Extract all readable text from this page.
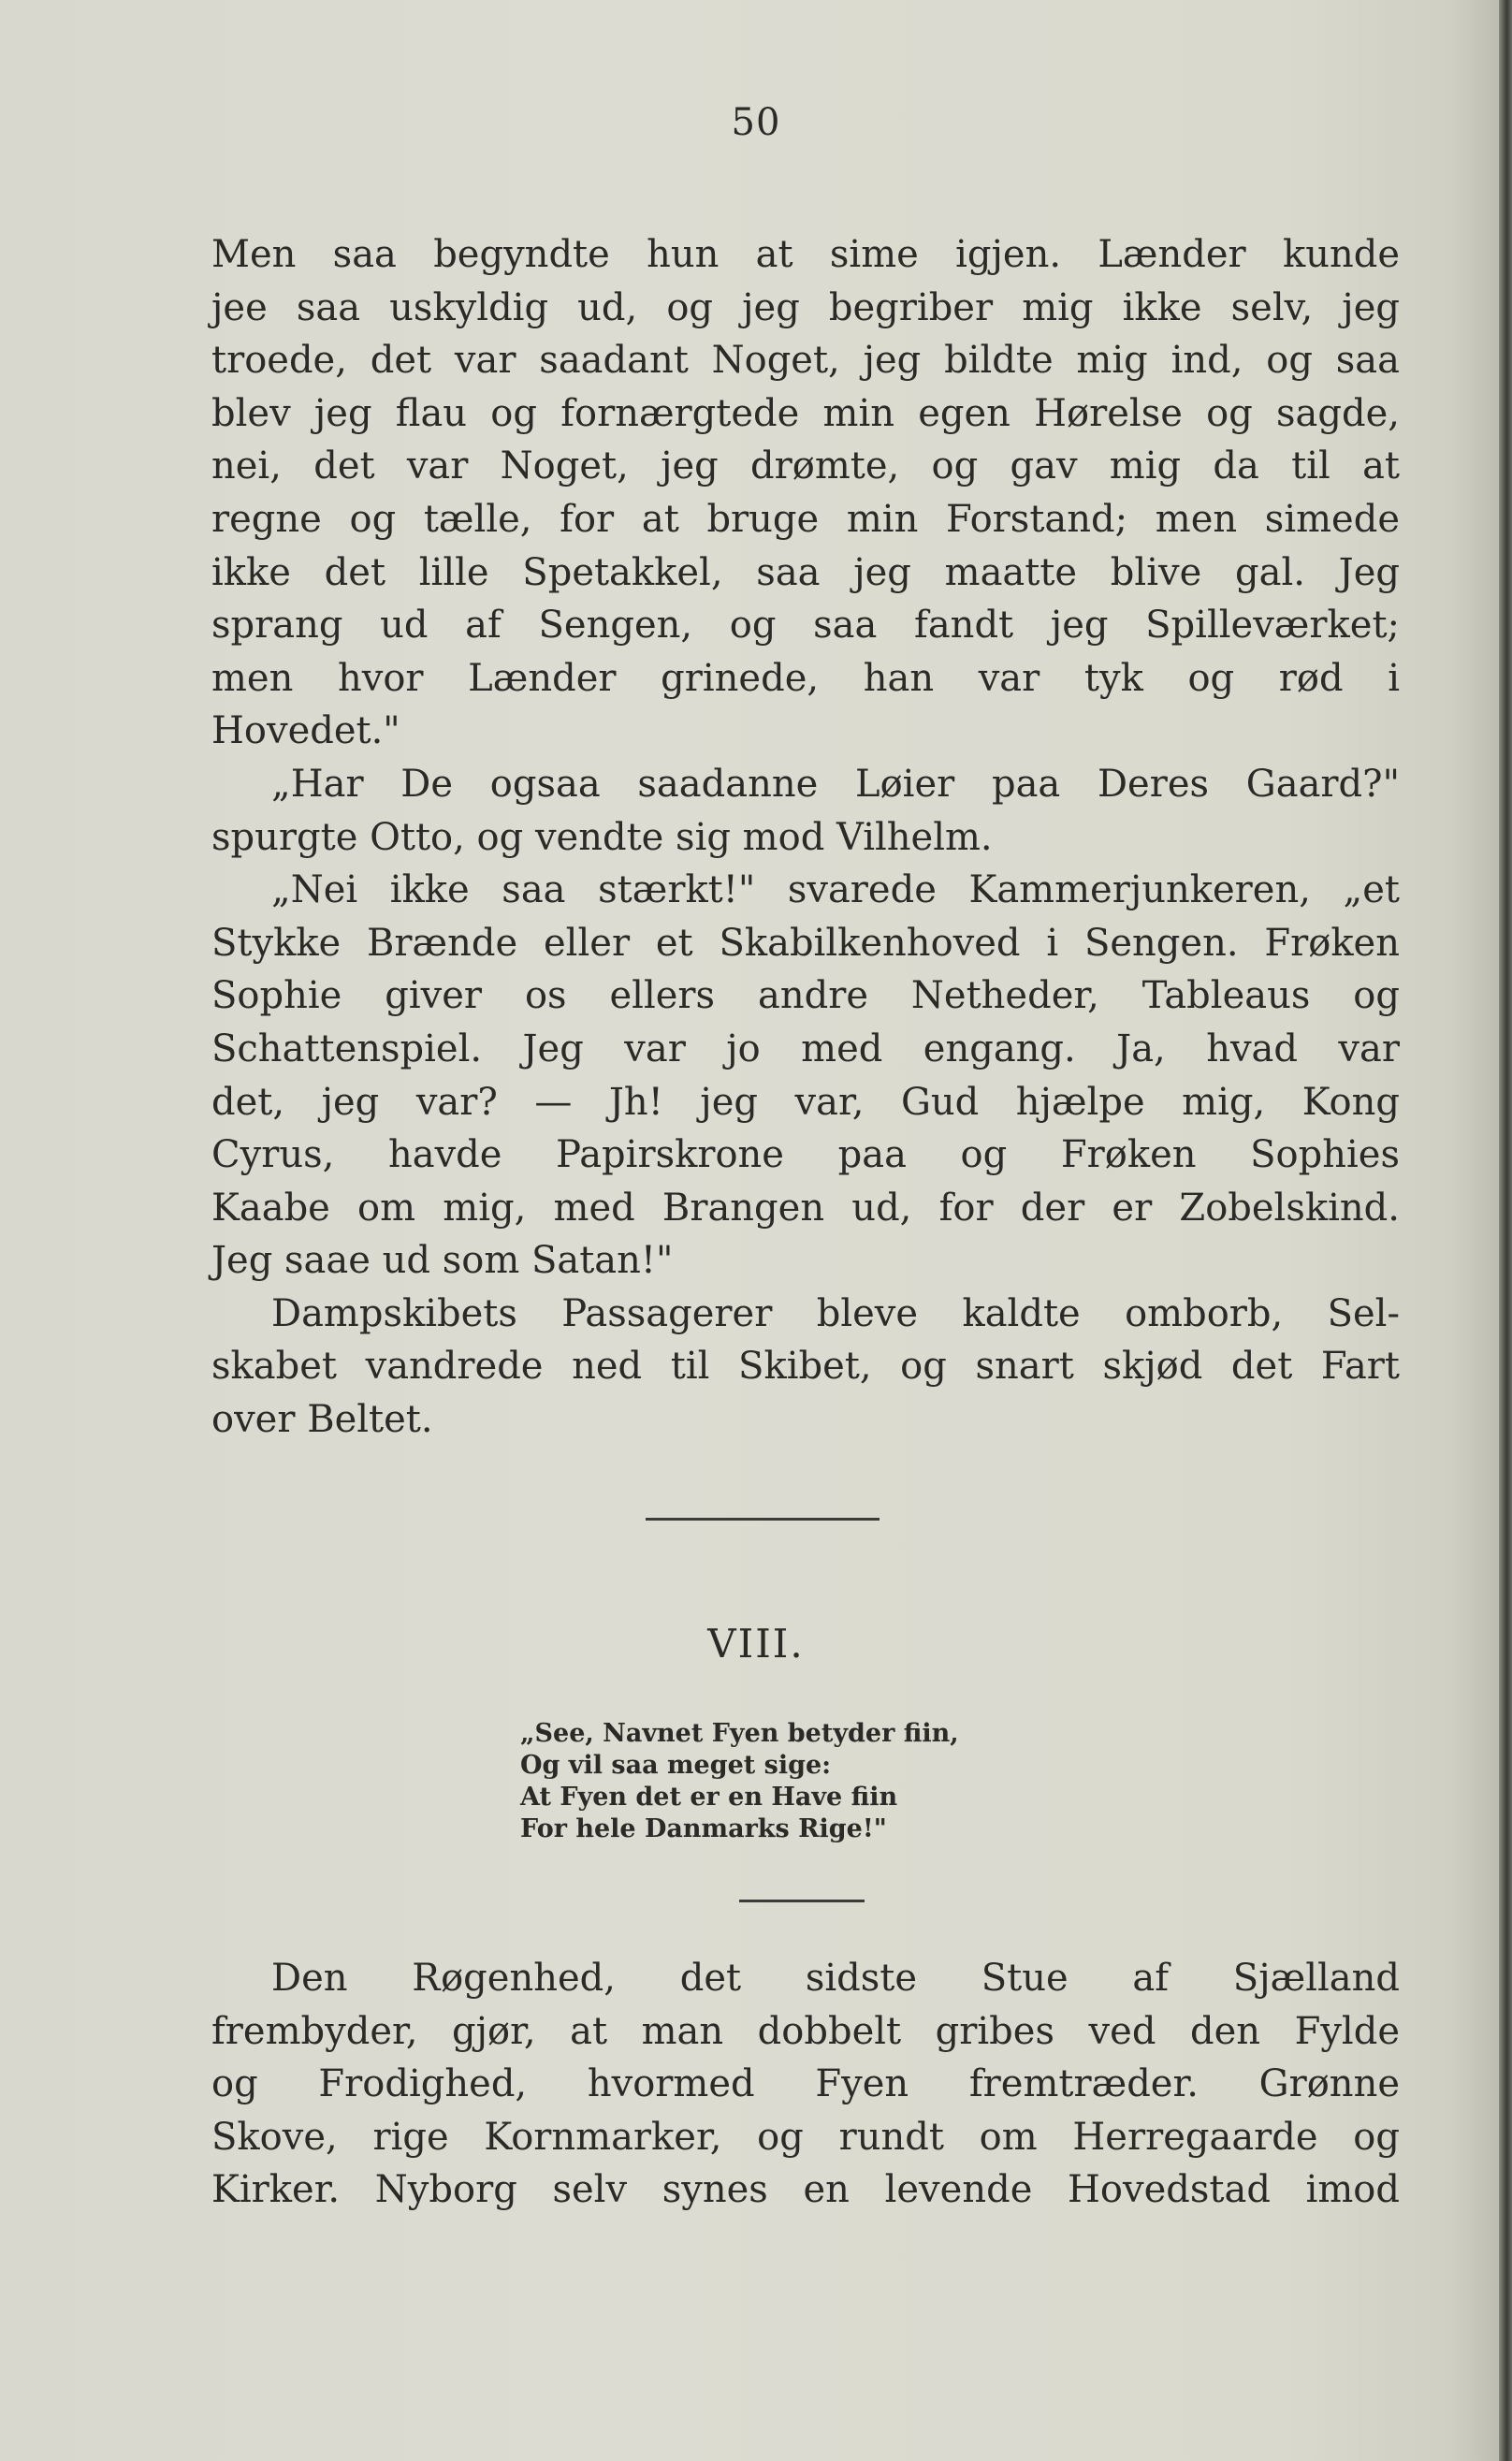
50

Men saa begyndte hun at sime igjen. Lænder kunde
jee saa uskyldig ud, og jeg begriber mig ikke selv, jeg
troede, det var saadant Noget, jeg bildte mig ind, og saa
blev jeg flau og fornærgtede min egen Hørelse og sagde,
nei, det var Noget, jeg drømte, og gav mig da til at
regne og tælle, for at bruge min Forstand; men simede
ikke det lille Spetakkel, saa jeg maatte blive gal. Jeg
sprang ud af Sengen, og saa fandt jeg Spilleværket;
men hvor Lænder grinede, han var tyk og rød i
Hovedet."

„Har De ogsaa saadanne Løier paa Deres Gaard?"
spurgte Otto, og vendte sig mod Vilhelm.

„Nei ikke saa stærkt!" svarede Kammerjunkeren, „et
Stykke Brænde eller et Skabilkenhoved i Sengen. Frøken
Sophie giver os ellers andre Netheder, Tableaus og
Schattenspiel. Jeg var jo med engang. Ja, hvad var
det, jeg var? — Jh! jeg var, Gud hjælpe mig, Kong
Cyrus, havde Papirskrone paa og Frøken Sophies
Kaabe om mig, med Brangen ud, for der er Zobelskind.
Jeg saae ud som Satan!"

Dampskibets Passagerer bleve kaldte omborb, Sel-
skabet vandrede ned til Skibet, og snart skjød det Fart
over Beltet.

VIII.
„See, Navnet Fyen betyder fiin,
Og vil saa meget sige:
At Fyen det er en Have fiin
For hele Danmarks Rige!"

Den Røgenhed, det sidste Stue af Sjælland
frembyder, gjør, at man dobbelt gribes ved den Fylde
og Frodighed, hvormed Fyen fremtræder. Grønne
Skove, rige Kornmarker, og rundt om Herregaarde og
Kirker. Nyborg selv synes en levende Hovedstad imod
